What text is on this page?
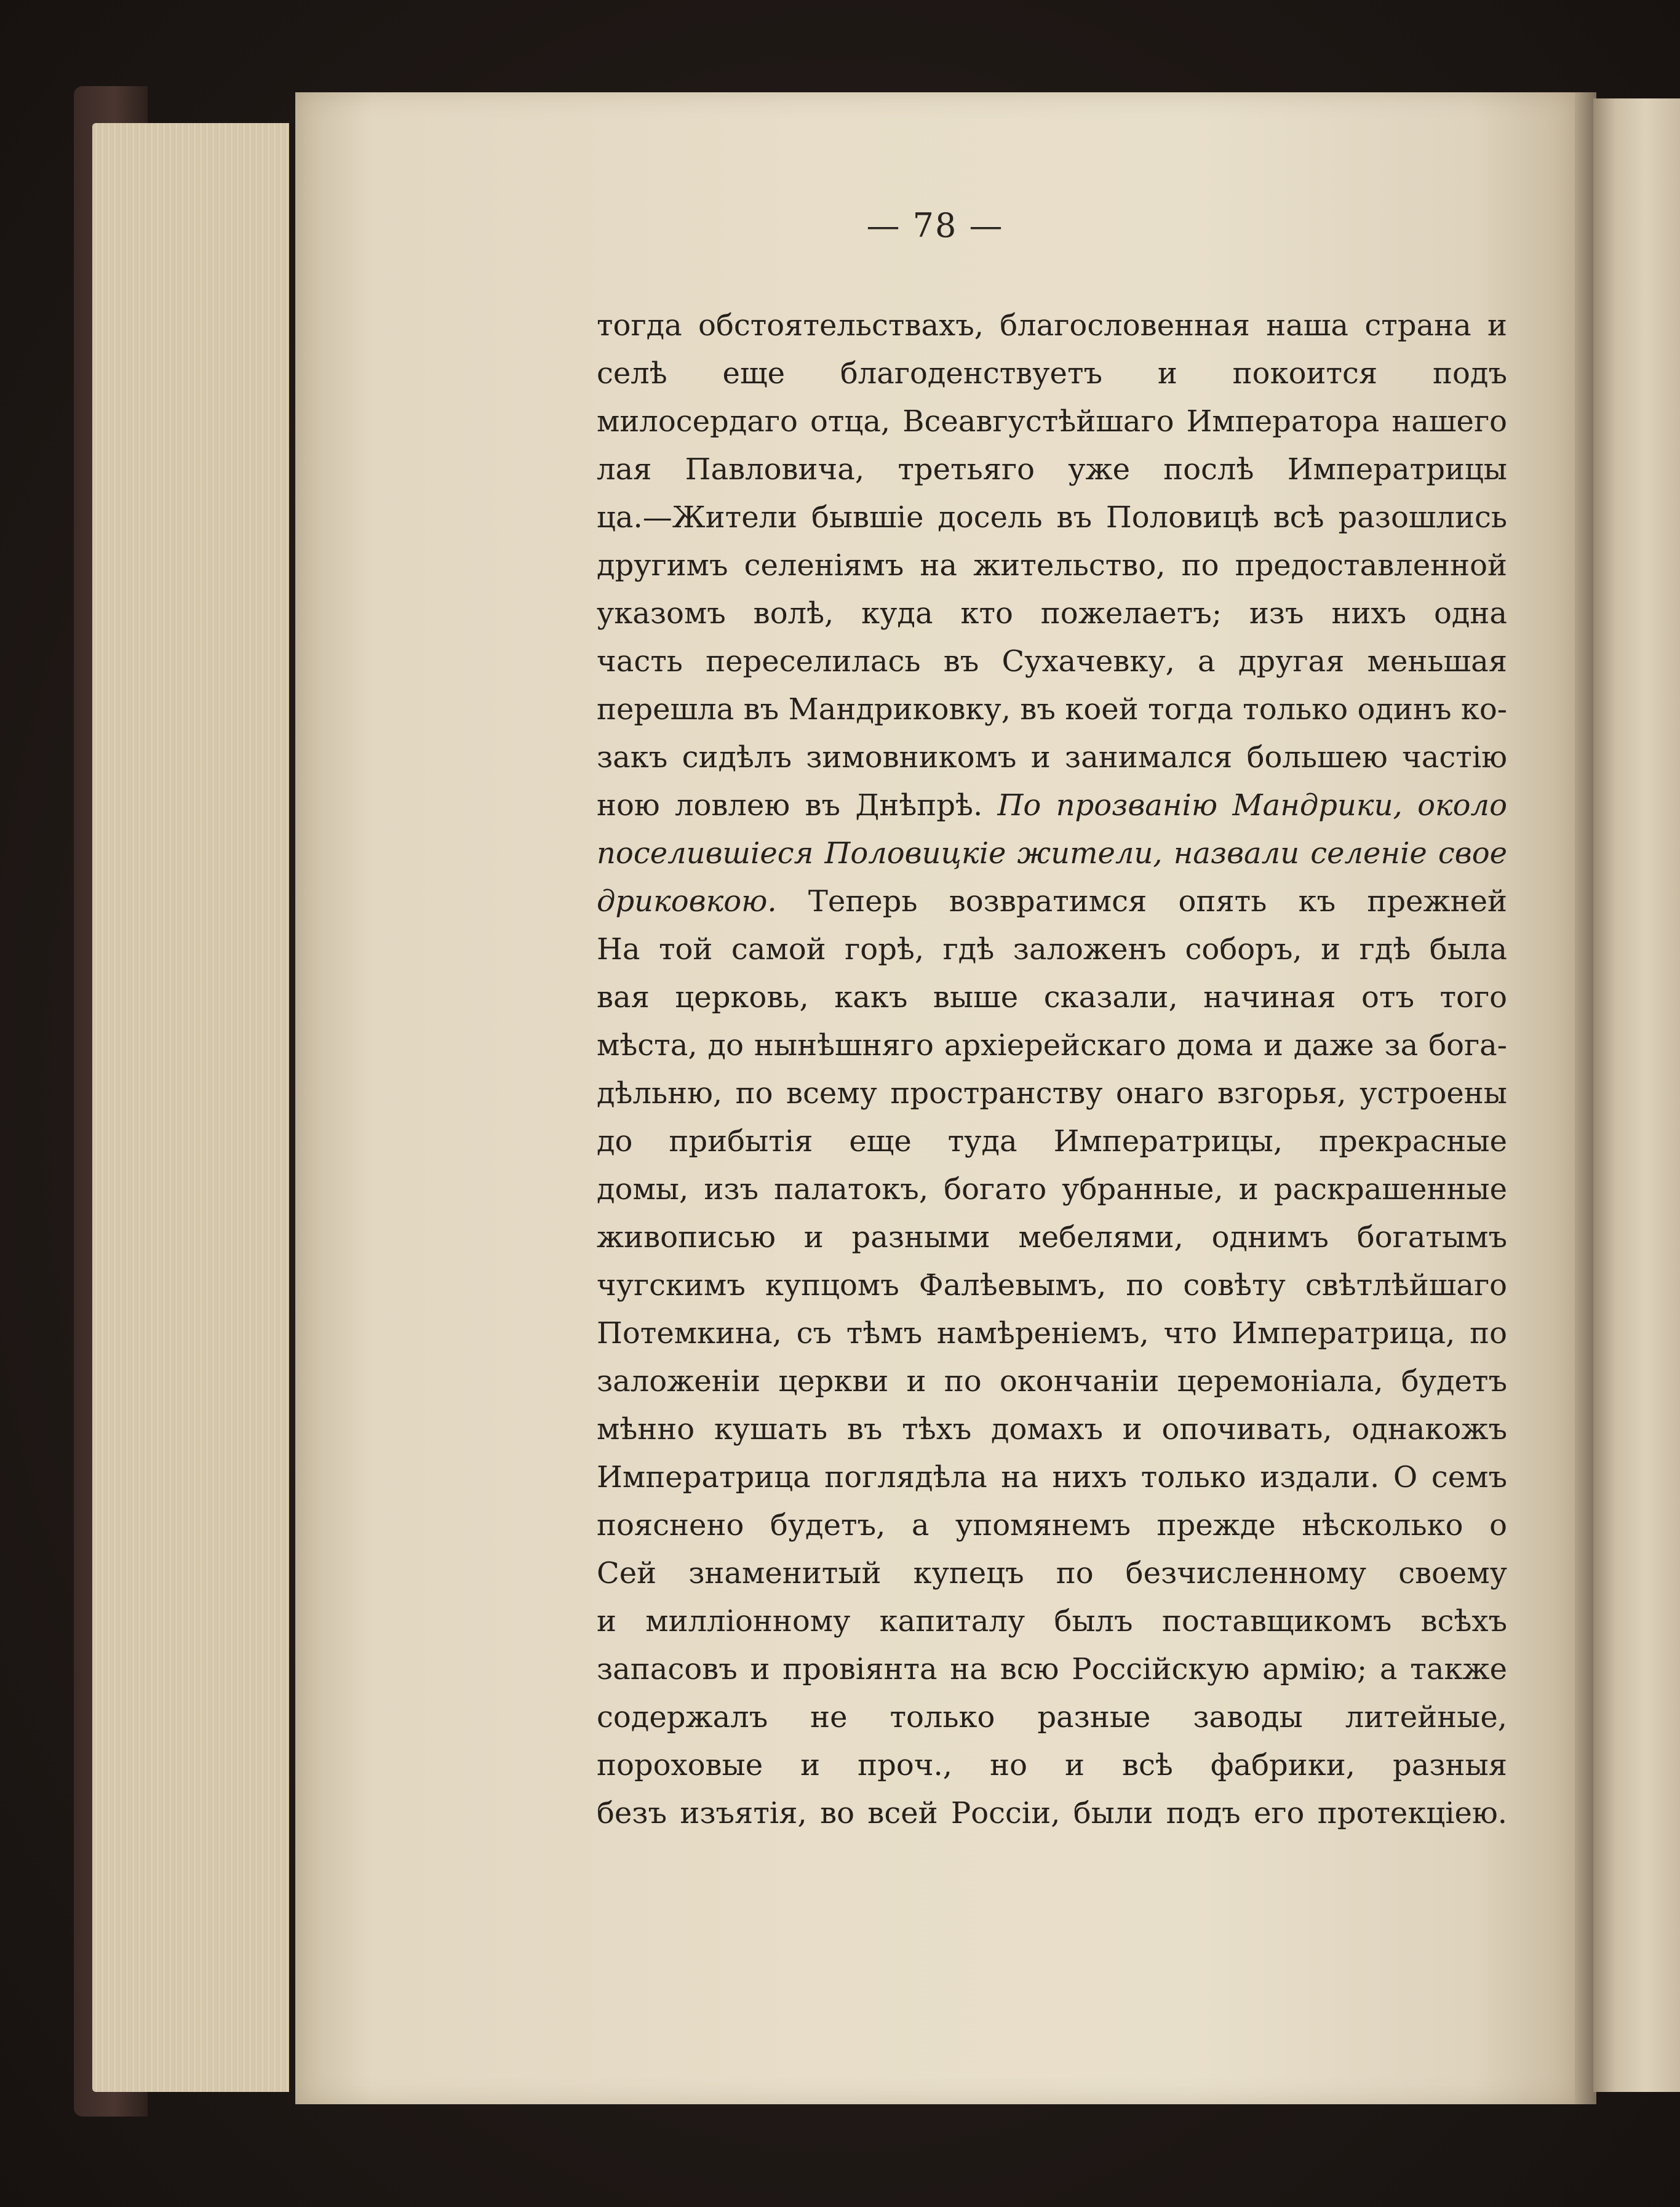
— 78 —
тогда обстоятельствахъ, благословенная наша страна и
селѣ еще благоденствуетъ и покоится подъ
милосердаго отца, Всеавгустѣйшаго Императора нашего
лая Павловича, третьяго уже послѣ Императрицы
ца.—Жители бывшіе досель въ Половицѣ всѣ разошлись
другимъ селеніямъ на жительство, по предоставленной
указомъ волѣ, куда кто пожелаетъ; изъ нихъ одна
часть переселилась въ Сухачевку, а другая меньшая
перешла въ Мандриковку, въ коей тогда только одинъ ко-
закъ сидѣлъ зимовникомъ и занимался большею частію
ною ловлею въ Днѣпрѣ. По прозванію Мандрики, около
поселившіеся Половицкіе жители, назвали селеніе свое
дриковкою. Теперь возвратимся опять къ прежней
На той самой горѣ, гдѣ заложенъ соборъ, и гдѣ была
вая церковь, какъ выше сказали, начиная отъ того
мѣста, до нынѣшняго архіерейскаго дома и даже за бога-
дѣльню, по всему пространству онаго взгорья, устроены
до прибытія еще туда Императрицы, прекрасные
домы, изъ палатокъ, богато убранные, и раскрашенные
живописью и разными мебелями, однимъ богатымъ
чугскимъ купцомъ Фалѣевымъ, по совѣту свѣтлѣйшаго
Потемкина, съ тѣмъ намѣреніемъ, что Императрица, по
заложеніи церкви и по окончаніи церемоніала, будетъ
мѣнно кушать въ тѣхъ домахъ и опочивать, однакожъ
Императрица поглядѣла на нихъ только издали. О семъ
пояснено будетъ, а упомянемъ прежде нѣсколько о
Сей знаменитый купецъ по безчисленному своему
и милліонному капиталу былъ поставщикомъ всѣхъ
запасовъ и провіянта на всю Россійскую армію; а также
содержалъ не только разные заводы литейные,
пороховые и проч., но и всѣ фабрики, разныя
безъ изъятія, во всей Россіи, были подъ его протекціею.
